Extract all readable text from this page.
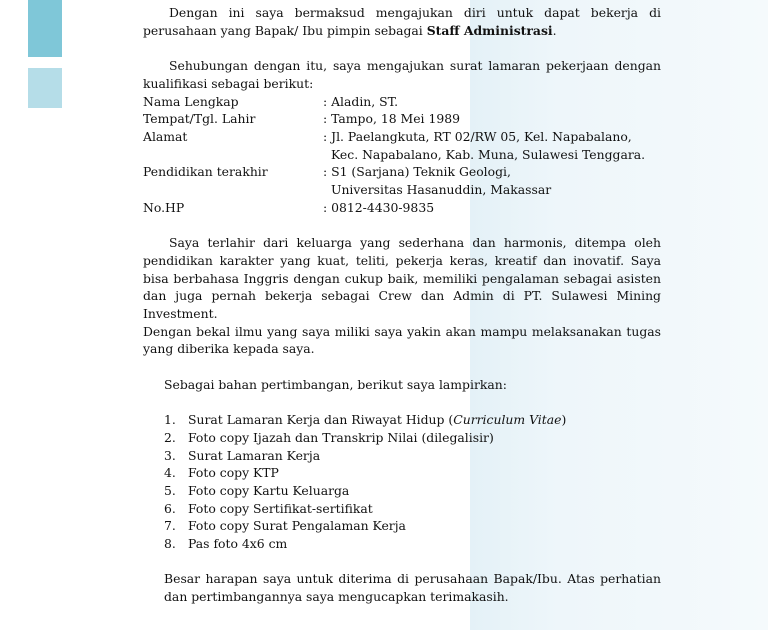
Dengan ini saya bermaksud mengajukan diri untuk dapat bekerja di perusahaan yang Bapak/ Ibu pimpin sebagai Staff Administrasi.

Sehubungan dengan itu, saya mengajukan surat lamaran pekerjaan dengan kualifikasi sebagai berikut:

Nama Lengkap	: Aladin, ST.
Tempat/Tgl. Lahir	: Tampo, 18 Mei 1989
Alamat	: Jl. Paelangkuta, RT 02/RW 05, Kel. Napabalano,
Kec. Napabalano, Kab. Muna, Sulawesi Tenggara.
Pendidikan terakhir	: S1 (Sarjana) Teknik Geologi,
Universitas Hasanuddin, Makassar
No.HP	: 0812-4430-9835

Saya terlahir dari keluarga yang sederhana dan harmonis, ditempa oleh pendidikan karakter yang kuat, teliti, pekerja keras, kreatif dan inovatif. Saya bisa berbahasa Inggris dengan cukup baik, memiliki pengalaman sebagai asisten dan juga pernah bekerja sebagai Crew dan Admin di PT. Sulawesi Mining Investment.

Dengan bekal ilmu yang saya miliki saya yakin akan mampu melaksanakan tugas yang diberika kepada saya.

Sebagai bahan pertimbangan, berikut saya lampirkan:

1. Surat Lamaran Kerja dan Riwayat Hidup (Curriculum Vitae)
2. Foto copy Ijazah dan Transkrip Nilai (dilegalisir)
3. Surat Lamaran Kerja
4. Foto copy KTP
5. Foto copy Kartu Keluarga
6. Foto copy Sertifikat-sertifikat
7. Foto copy Surat Pengalaman Kerja
8. Pas foto 4x6 cm

Besar harapan saya untuk diterima di perusahaan Bapak/Ibu. Atas perhatian dan pertimbangannya saya mengucapkan terimakasih.
